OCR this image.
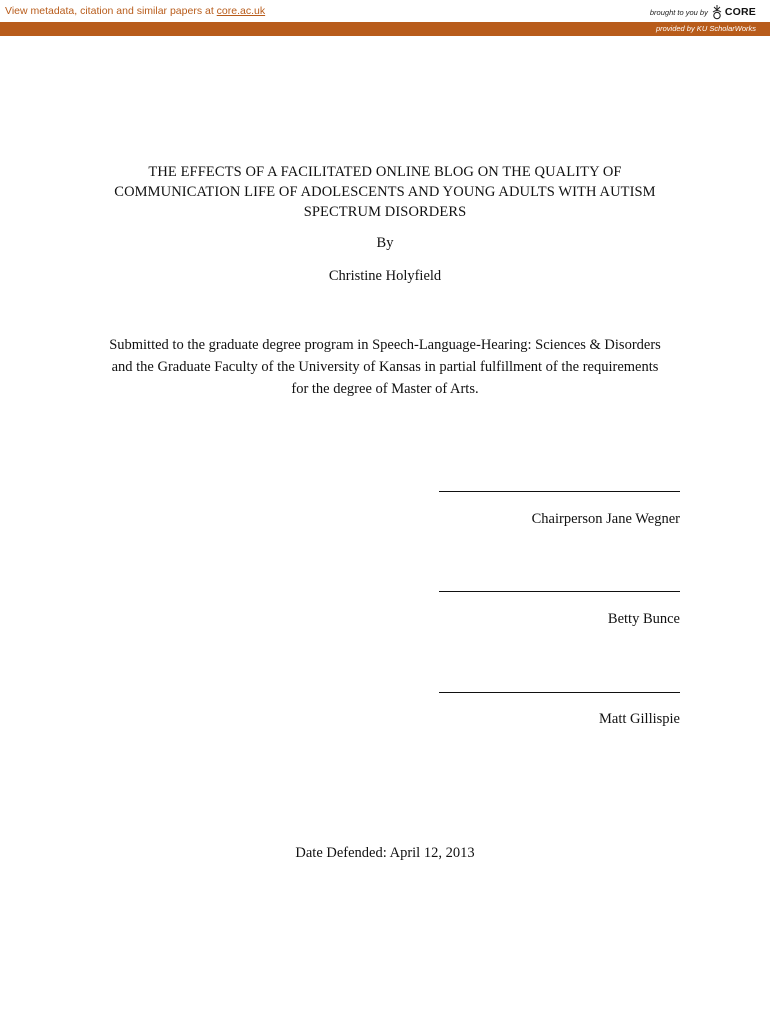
View metadata, citation and similar papers at core.ac.uk	brought to you by CORE
provided by KU ScholarWorks
THE EFFECTS OF A FACILITATED ONLINE BLOG ON THE QUALITY OF
COMMUNICATION LIFE OF ADOLESCENTS AND YOUNG ADULTS WITH AUTISM
SPECTRUM DISORDERS
By
Christine Holyfield
Submitted to the graduate degree program in Speech-Language-Hearing: Sciences & Disorders
and the Graduate Faculty of the University of Kansas in partial fulfillment of the requirements
for the degree of Master of Arts.
Chairperson Jane Wegner
Betty Bunce
Matt Gillispie
Date Defended: April 12, 2013
